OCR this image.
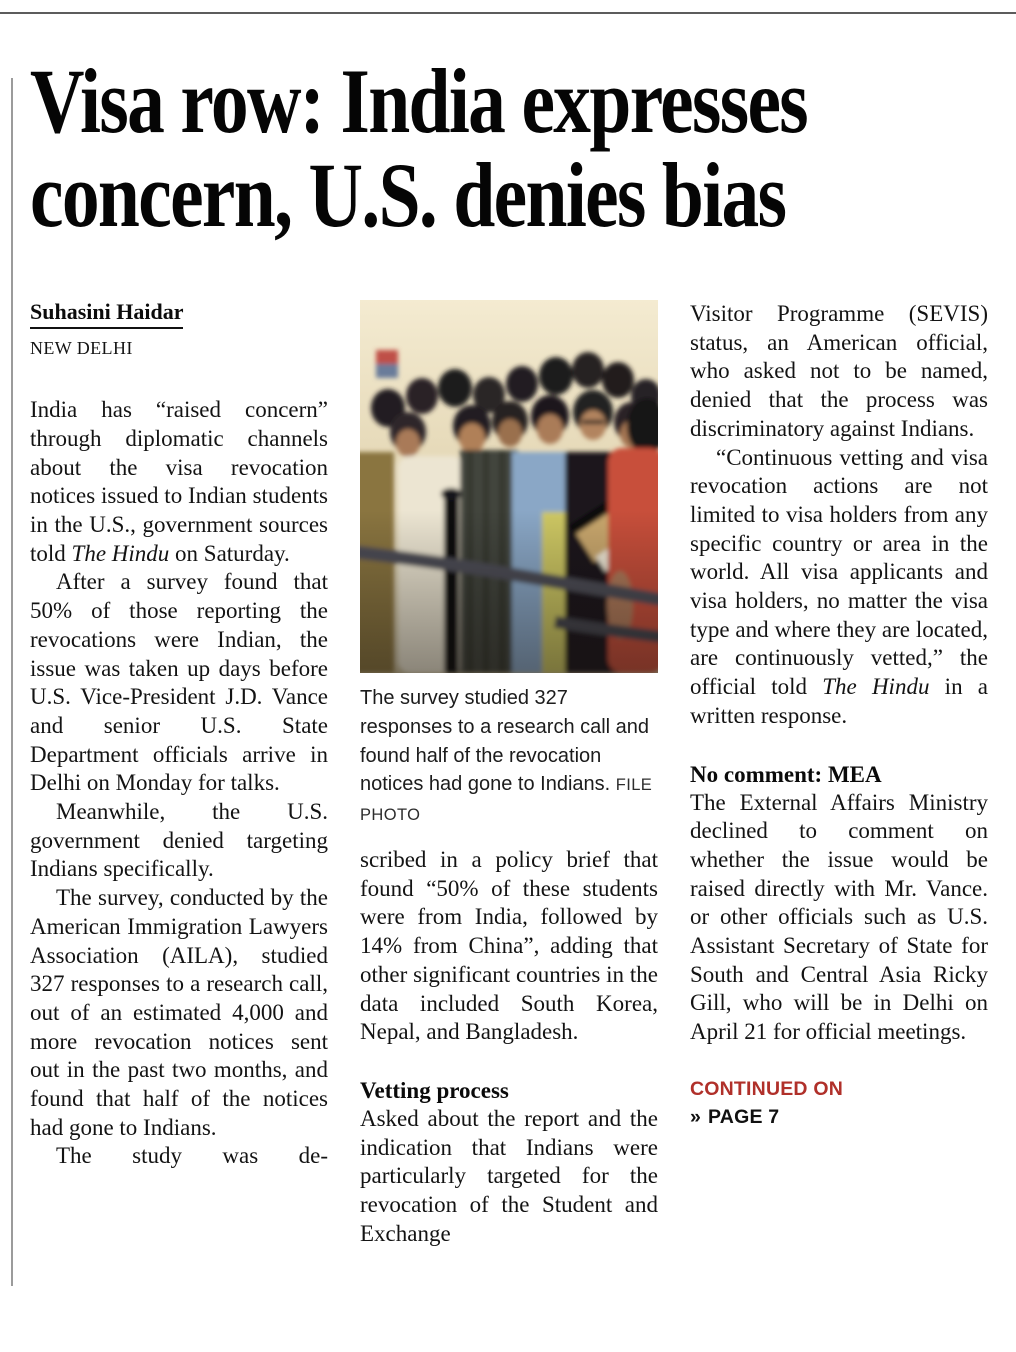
Visa row: India expresses
concern, U.S. denies bias
Suhasini Haidar
NEW DELHI

India has “raised concern” through diplomatic channels about the visa revocation notices issued to Indian students in the U.S., government sources told The Hindu on Saturday.

After a survey found that 50% of those reporting the revocations were Indian, the issue was taken up days before U.S. Vice-President J.D. Vance and senior U.S. State Department officials arrive in Delhi on Monday for talks.

Meanwhile, the U.S. government denied targeting Indians specifically.

The survey, conducted by the American Immigration Lawyers Association (AILA), studied 327 responses to a research call, out of an estimated 4,000 and more revocation notices sent out in the past two months, and found that half of the notices had gone to Indians.

The study was de-

The survey studied 327 responses to a research call and found half of the revocation notices had gone to Indians. FILE PHOTO

scribed in a policy brief that found “50% of these students were from India, followed by 14% from China”, adding that other significant countries in the data included South Korea, Nepal, and Bangladesh.

Vetting process

Asked about the report and the indication that Indians were particularly targeted for the revocation of the Student and Exchange

Visitor Programme (SEVIS) status, an American official, who asked not to be named, denied that the process was discriminatory against Indians.

“Continuous vetting and visa revocation actions are not limited to visa holders from any specific country or area in the world. All visa applicants and visa holders, no matter the visa type and where they are located, are continuously vetted,” the official told The Hindu in a written response.

No comment: MEA

The External Affairs Ministry declined to comment on whether the issue would be raised directly with Mr. Vance. or other officials such as U.S. Assistant Secretary of State for South and Central Asia Ricky Gill, who will be in Delhi on April 21 for official meetings.

CONTINUED ON
» PAGE 7
